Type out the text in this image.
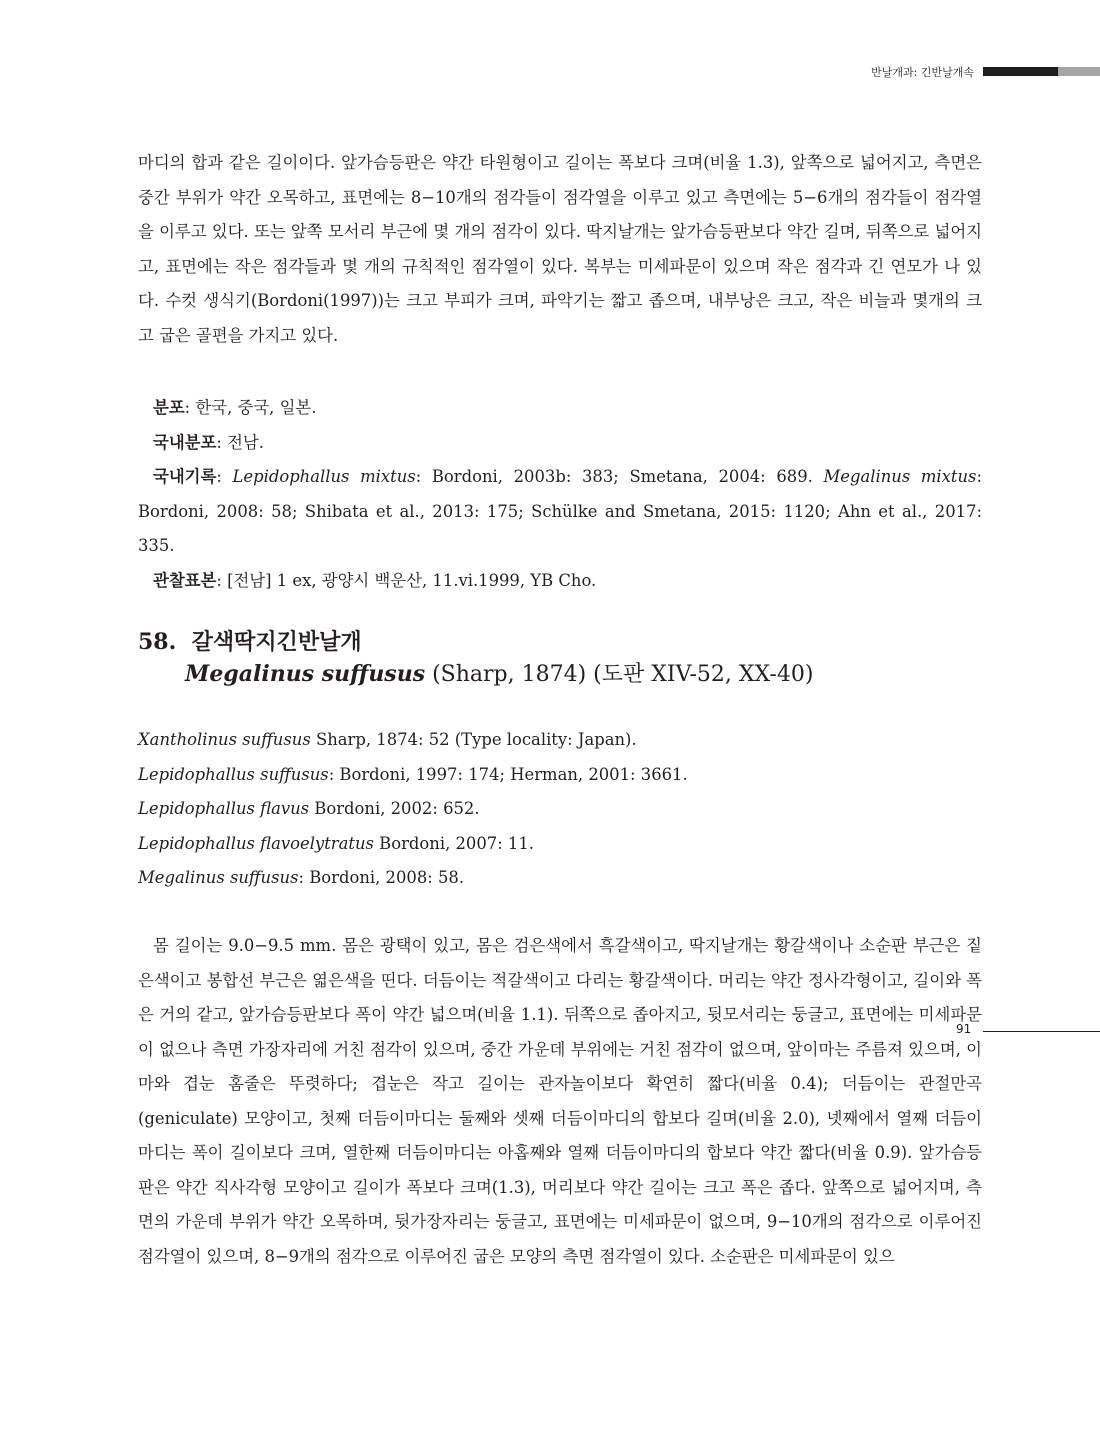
반날개과: 긴반날개속

마디의 합과 같은 길이이다. 앞가슴등판은 약간 타원형이고 길이는 폭보다 크며(비율 1.3), 앞쪽으로 넓어지고, 측면은 중간 부위가 약간 오목하고, 표면에는 8−10개의 점각들이 점각열을 이루고 있고 측면에는 5−6개의 점각들이 점각열을 이루고 있다. 또는 앞쪽 모서리 부근에 몇 개의 점각이 있다. 딱지날개는 앞가슴등판보다 약간 길며, 뒤쪽으로 넓어지고, 표면에는 작은 점각들과 몇 개의 규칙적인 점각열이 있다. 복부는 미세파문이 있으며 작은 점각과 긴 연모가 나 있다. 수컷 생식기(Bordoni(1997))는 크고 부피가 크며, 파악기는 짧고 좁으며, 내부낭은 크고, 작은 비늘과 몇개의 크고 굽은 골편을 가지고 있다.

분포: 한국, 중국, 일본.

국내분포: 전남.

국내기록: Lepidophallus mixtus: Bordoni, 2003b: 383; Smetana, 2004: 689. Megalinus mixtus: Bordoni, 2008: 58; Shibata et al., 2013: 175; Schülke and Smetana, 2015: 1120; Ahn et al., 2017: 335.

관찰표본: [전남] 1 ex, 광양시 백운산, 11.vi.1999, YB Cho.

58. 갈색딱지긴반날개
Megalinus suffusus (Sharp, 1874) (도판 XIV-52, XX-40)
Xantholinus suffusus Sharp, 1874: 52 (Type locality: Japan).
Lepidophallus suffusus: Bordoni, 1997: 174; Herman, 2001: 3661.
Lepidophallus flavus Bordoni, 2002: 652.
Lepidophallus flavoelytratus Bordoni, 2007: 11.
Megalinus suffusus: Bordoni, 2008: 58.

몸 길이는 9.0−9.5 mm. 몸은 광택이 있고, 몸은 검은색에서 흑갈색이고, 딱지날개는 황갈색이나 소순판 부근은 짙은색이고 봉합선 부근은 엷은색을 띤다. 더듬이는 적갈색이고 다리는 황갈색이다. 머리는 약간 정사각형이고, 길이와 폭은 거의 같고, 앞가슴등판보다 폭이 약간 넓으며(비율 1.1). 뒤쪽으로 좁아지고, 뒷모서리는 둥글고, 표면에는 미세파문이 없으나 측면 가장자리에 거친 점각이 있으며, 중간 가운데 부위에는 거친 점각이 없으며, 앞이마는 주름져 있으며, 이마와 겹눈 홈줄은 뚜렷하다; 겹눈은 작고 길이는 관자놀이보다 확연히 짧다(비율 0.4); 더듬이는 관절만곡(geniculate) 모양이고, 첫째 더듬이마디는 둘째와 셋째 더듬이마디의 합보다 길며(비율 2.0), 넷째에서 열째 더듬이마디는 폭이 길이보다 크며, 열한째 더듬이마디는 아홉째와 열째 더듬이마디의 합보다 약간 짧다(비율 0.9). 앞가슴등판은 약간 직사각형 모양이고 길이가 폭보다 크며(1.3), 머리보다 약간 길이는 크고 폭은 좁다. 앞쪽으로 넓어지며, 측면의 가운데 부위가 약간 오목하며, 뒷가장자리는 둥글고, 표면에는 미세파문이 없으며, 9−10개의 점각으로 이루어진 점각열이 있으며, 8−9개의 점각으로 이루어진 굽은 모양의 측면 점각열이 있다. 소순판은 미세파문이 있으

91
